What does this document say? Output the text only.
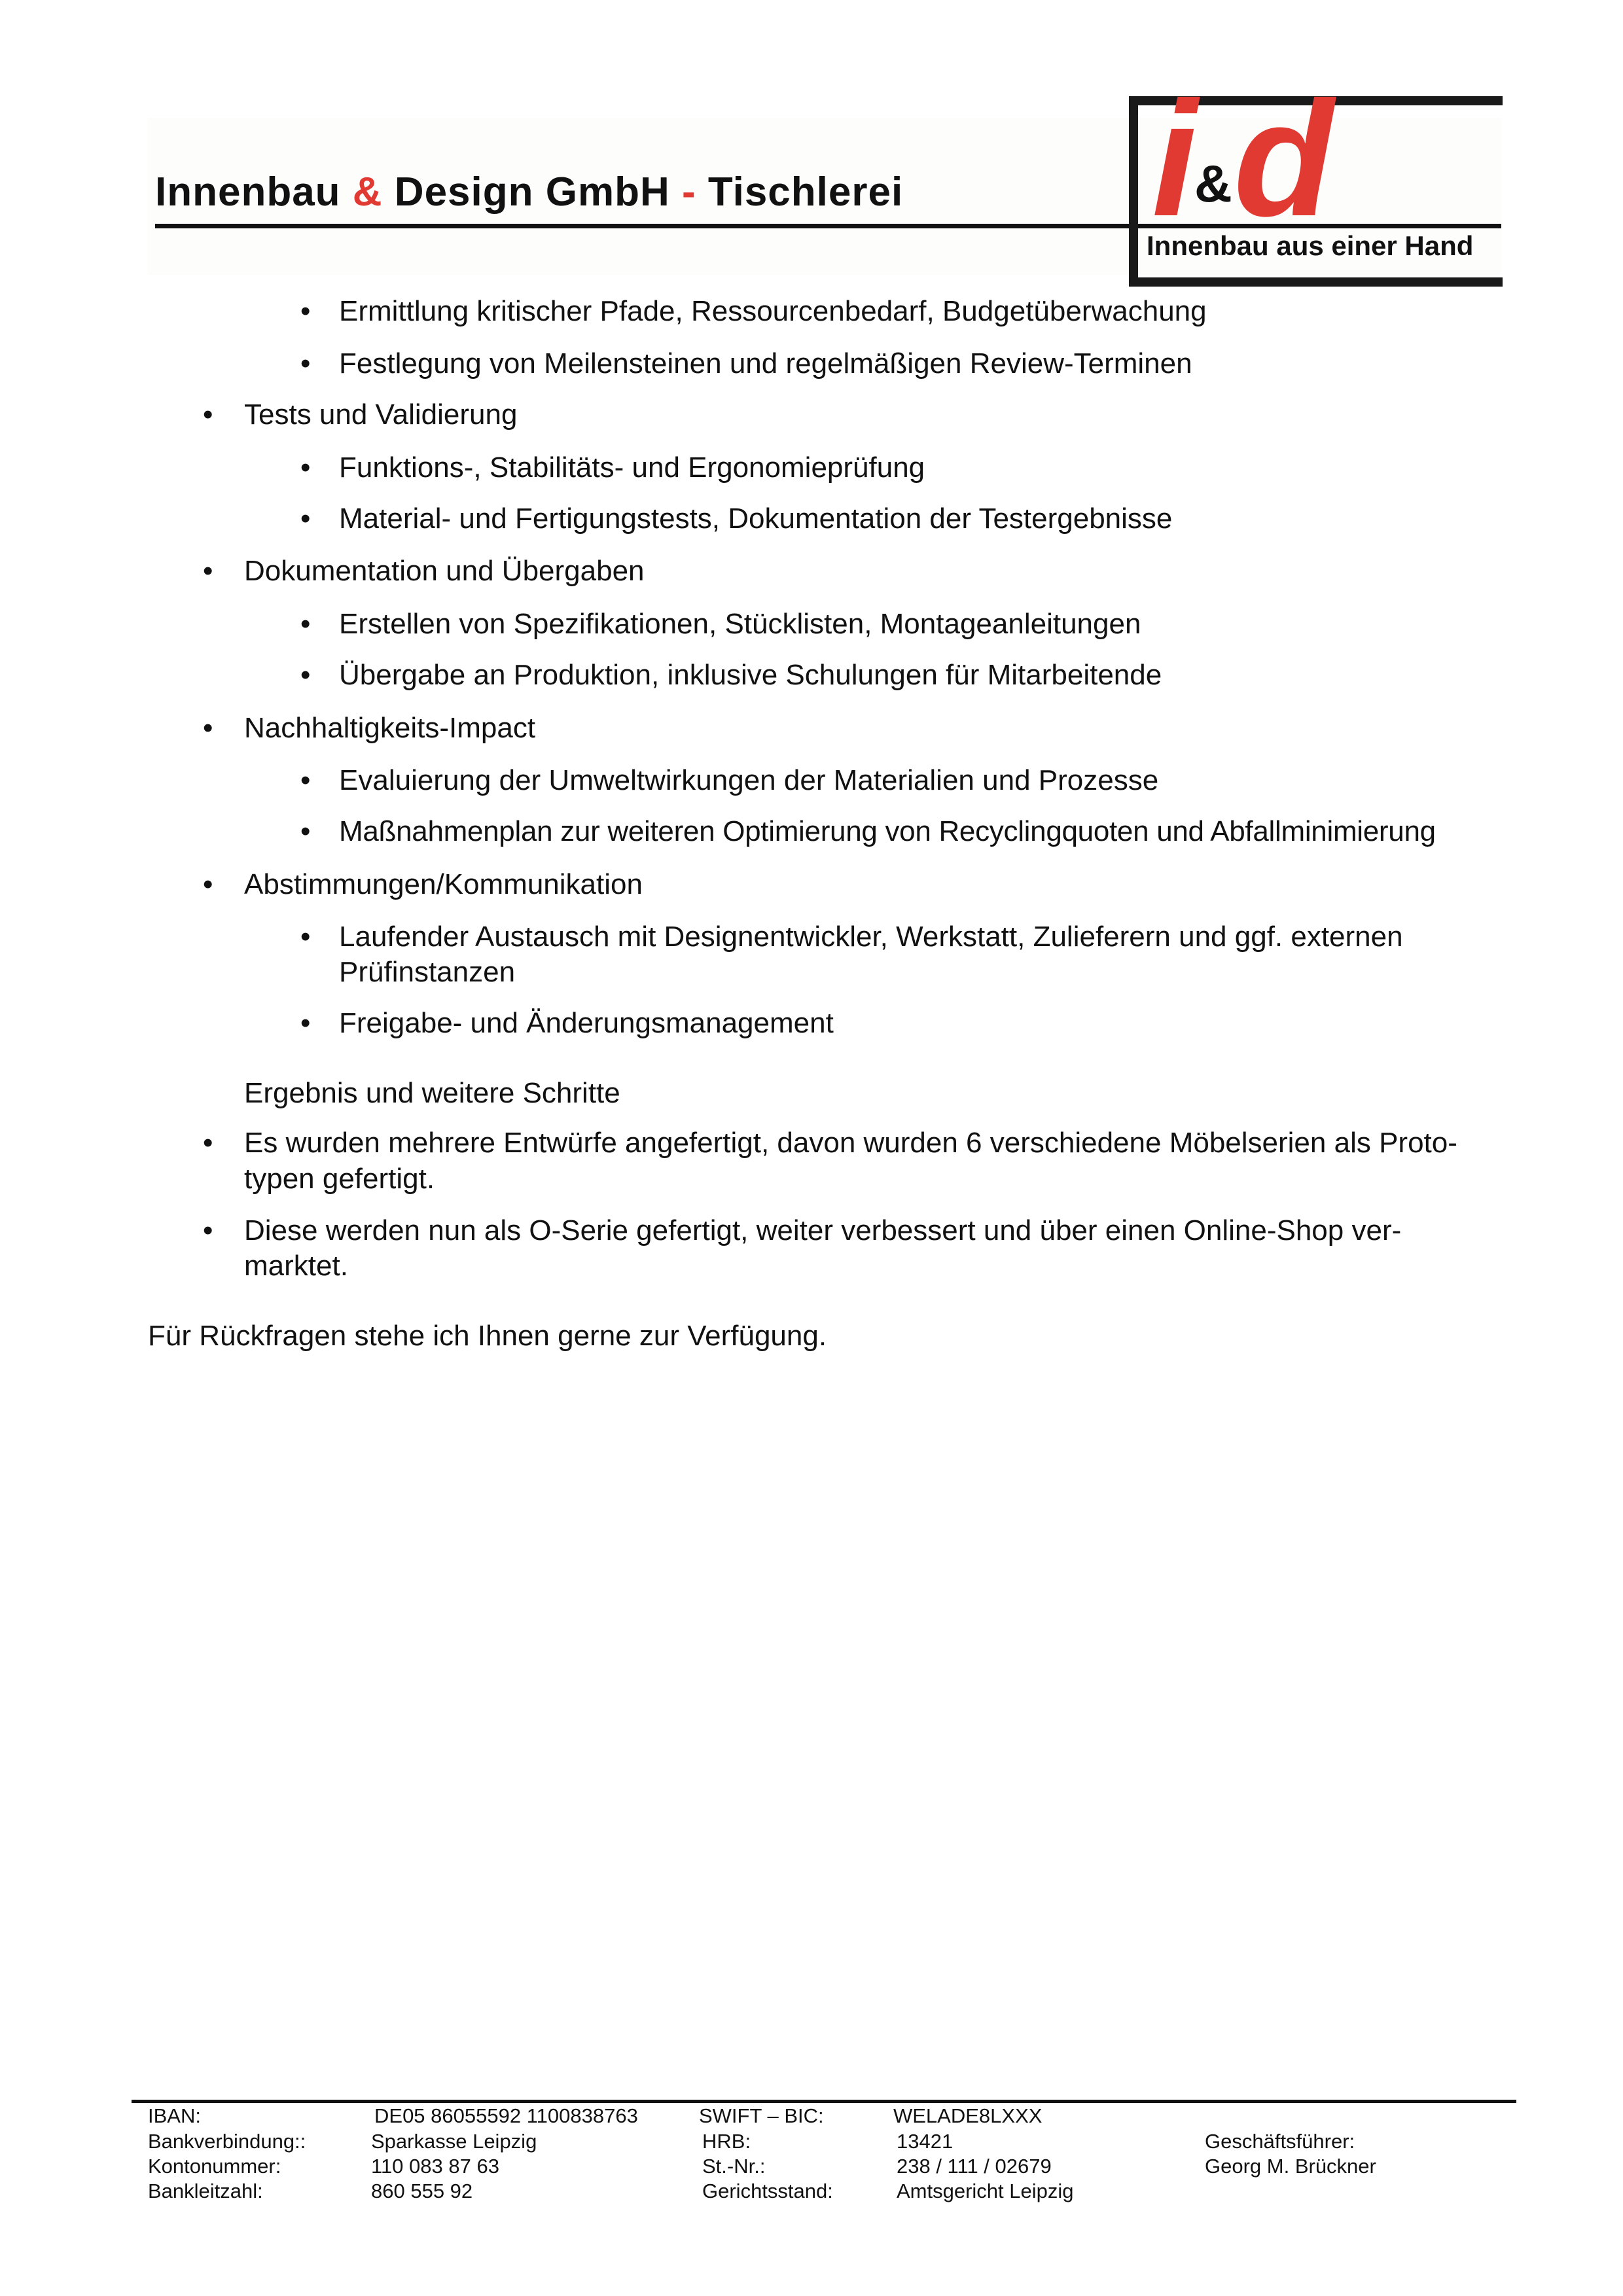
Innenbau & Design GmbH - Tischlerei i
& d
Innenbau aus einer Hand
• Ermittlung kritischer Pfade, Ressourcenbedarf, Budgetüberwachung
• Festlegung von Meilensteinen und regelmäßigen Review-Terminen
• Tests und Validierung
• Funktions-, Stabilitäts- und Ergonomieprüfung
• Material- und Fertigungstests, Dokumentation der Testergebnisse
• Dokumentation und Übergaben
• Erstellen von Spezifikationen, Stücklisten, Montageanleitungen
• Übergabe an Produktion, inklusive Schulungen für Mitarbeitende
• Nachhaltigkeits-Impact
• Evaluierung der Umweltwirkungen der Materialien und Prozesse
• Maßnahmenplan zur weiteren Optimierung von Recyclingquoten und Abfallminimierung
• Abstimmungen/Kommunikation
• Laufender Austausch mit Designentwickler, Werkstatt, Zulieferern und ggf. externen
Prüfinstanzen
• Freigabe- und Änderungsmanagement
Ergebnis und weitere Schritte
• Es wurden mehrere Entwürfe angefertigt, davon wurden 6 verschiedene Möbelserien als Proto-
typen gefertigt.
• Diese werden nun als O-Serie gefertigt, weiter verbessert und über einen Online-Shop ver-
marktet.
Für Rückfragen stehe ich Ihnen gerne zur Verfügung.
IBAN:	DE05 86055592 1100838763	SWIFT – BIC:	WELADE8LXXX
Bankverbindung::	Sparkasse Leipzig	HRB:	13421	Geschäftsführer:
Kontonummer:	110 083 87 63	St.-Nr.:	238 / 111 / 02679	Georg M. Brückner
Bankleitzahl:	860 555 92	Gerichtsstand:	Amtsgericht Leipzig
